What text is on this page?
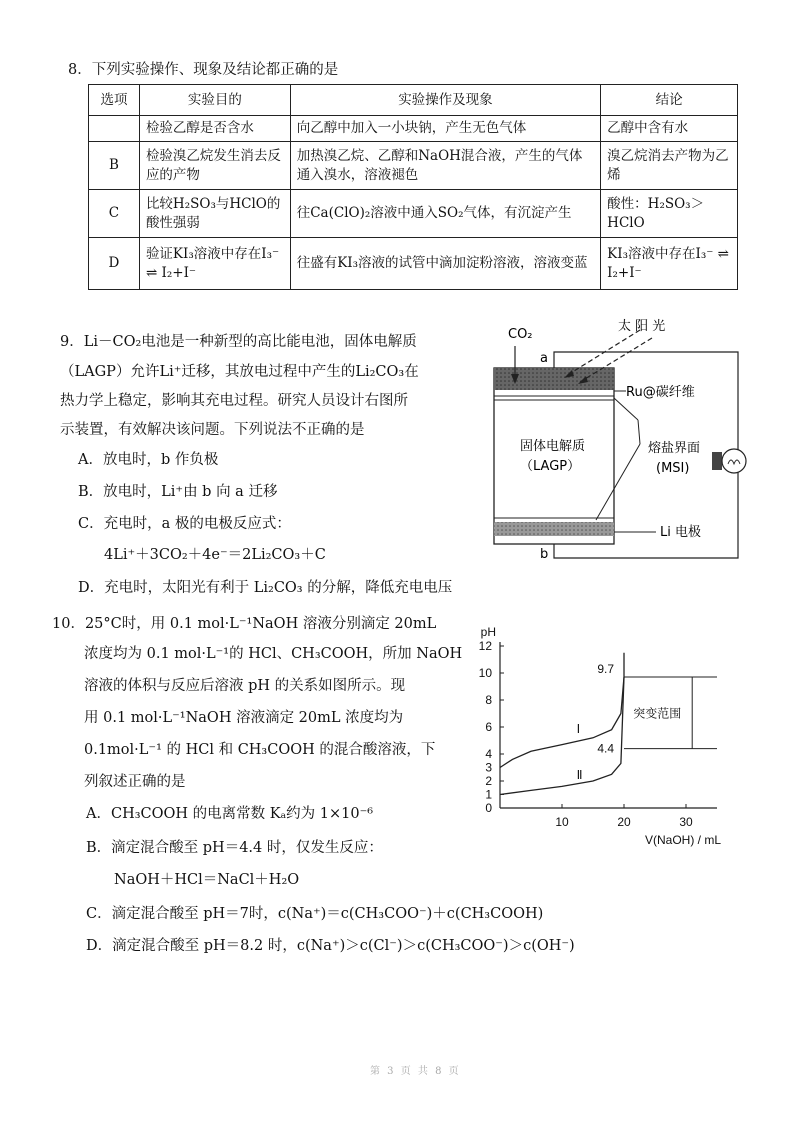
8．下列实验操作、现象及结论都正确的是
选项	实验目的	实验操作及现象	结论
	检验乙醇是否含水	向乙醇中加入一小块钠，产生无色气体	乙醇中含有水
B	检验溴乙烷发生消去反应的产物	加热溴乙烷、乙醇和NaOH混合液，产生的气体通入溴水，溶液褪色	溴乙烷消去产物为乙烯
C	比较H₂SO₃与HClO的酸性强弱	往Ca(ClO)₂溶液中通入SO₂气体，有沉淀产生	酸性：H₂SO₃＞HClO
D	验证KI₃溶液中存在I₃⁻ ⇌ I₂+I⁻	往盛有KI₃溶液的试管中滴加淀粉溶液，溶液变蓝	KI₃溶液中存在I₃⁻ ⇌ I₂+I⁻
9．Li－CO₂电池是一种新型的高比能电池，固体电解质
（LAGP）允许Li⁺迁移，其放电过程中产生的Li₂CO₃在
热力学上稳定，影响其充电过程。研究人员设计右图所
示装置，有效解决该问题。下列说法不正确的是
A．放电时，b 作负极
B．放电时，Li⁺由 b 向 a 迁移
C．充电时，a 极的电极反应式：
4Li⁺＋3CO₂＋4e⁻＝2Li₂CO₃＋C
D．充电时，太阳光有利于 Li₂CO₃ 的分解，降低充电电压
CO₂
太 阳 光
a
b
Ru@碳纤维
固体电解质
（LAGP）
熔盐界面
(MSI)
Li 电极
10．25°C时，用 0.1 mol·L⁻¹NaOH 溶液分别滴定 20mL
浓度均为 0.1 mol·L⁻¹的 HCl、CH₃COOH，所加 NaOH
溶液的体积与反应后溶液 pH 的关系如图所示。现
用 0.1 mol·L⁻¹NaOH 溶液滴定 20mL 浓度均为
0.1mol·L⁻¹ 的 HCl 和 CH₃COOH 的混合酸溶液，下
列叙述正确的是
A．CH₃COOH 的电离常数 Kₐ约为 1×10⁻⁶
B．滴定混合酸至 pH＝4.4 时，仅发生反应：
NaOH＋HCl＝NaCl＋H₂O
C．滴定混合酸至 pH＝7时，c(Na⁺)＝c(CH₃COO⁻)＋c(CH₃COOH)
D．滴定混合酸至 pH＝8.2 时，c(Na⁺)＞c(Cl⁻)＞c(CH₃COO⁻)＞c(OH⁻)
0
1
2
4
6
8
10
12
10	20	30
pH
V(NaOH) / mL
Ⅰ
Ⅱ
9.7
4.4
突变范围
3
第 3 页 共 8 页
